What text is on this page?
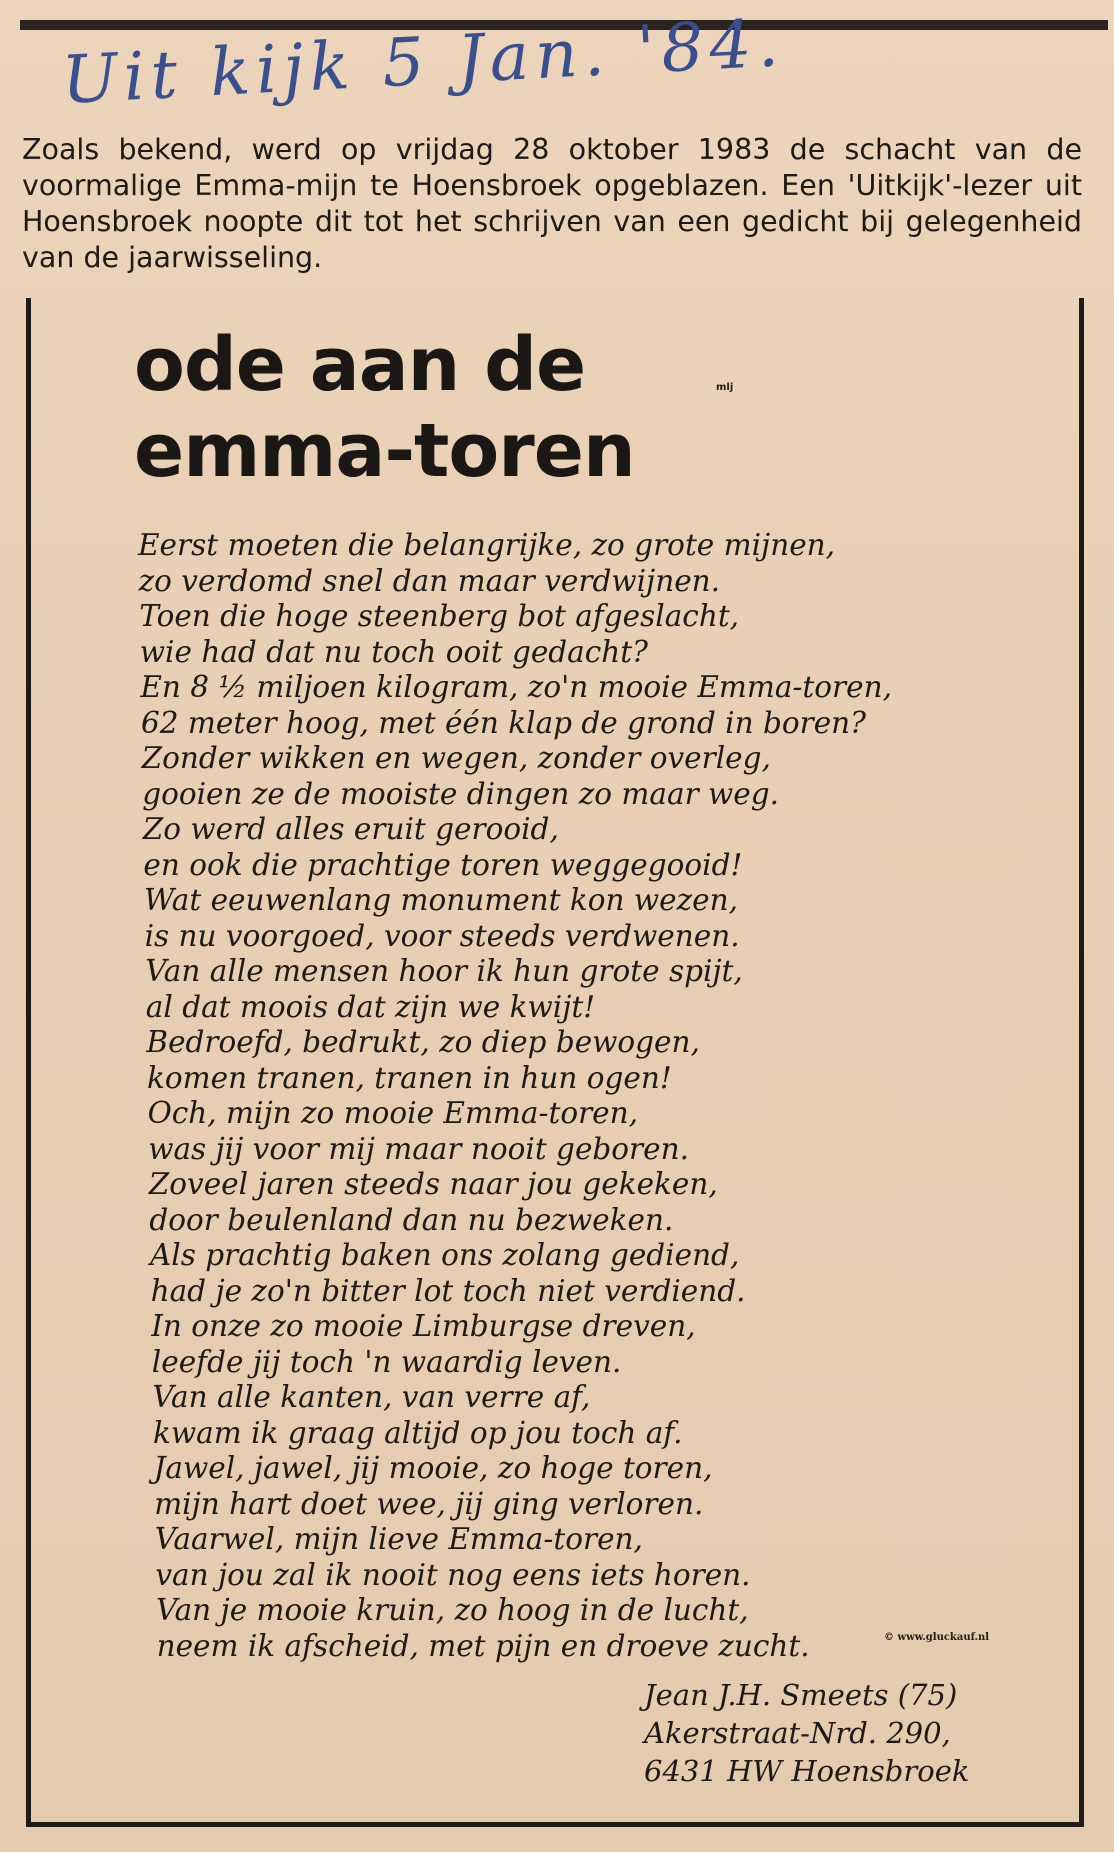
Uit kijk 5 Jan. '84.
Zoals bekend, werd op vrijdag 28 oktober 1983 de schacht van de voormalige Emma-mijn te Hoensbroek opgeblazen. Een 'Uitkijk'-lezer uit Hoensbroek noopte dit tot het schrijven van een gedicht bij gelegenheid van de jaarwisseling.
ode aan de
emma-toren
mlj
Eerst moeten die belangrijke, zo grote mijnen,
zo verdomd snel dan maar verdwijnen.
Toen die hoge steenberg bot afgeslacht,
wie had dat nu toch ooit gedacht?
En 8 ½ miljoen kilogram, zo'n mooie Emma-toren,
62 meter hoog, met één klap de grond in boren?
Zonder wikken en wegen, zonder overleg,
gooien ze de mooiste dingen zo maar weg.
Zo werd alles eruit gerooid,
en ook die prachtige toren weggegooid!
Wat eeuwenlang monument kon wezen,
is nu voorgoed, voor steeds verdwenen.
Van alle mensen hoor ik hun grote spijt,
al dat moois dat zijn we kwijt!
Bedroefd, bedrukt, zo diep bewogen,
komen tranen, tranen in hun ogen!
Och, mijn zo mooie Emma-toren,
was jij voor mij maar nooit geboren.
Zoveel jaren steeds naar jou gekeken,
door beulenland dan nu bezweken.
Als prachtig baken ons zolang gediend,
had je zo'n bitter lot toch niet verdiend.
In onze zo mooie Limburgse dreven,
leefde jij toch 'n waardig leven.
Van alle kanten, van verre af,
kwam ik graag altijd op jou toch af.
Jawel, jawel, jij mooie, zo hoge toren,
mijn hart doet wee, jij ging verloren.
Vaarwel, mijn lieve Emma-toren,
van jou zal ik nooit nog eens iets horen.
Van je mooie kruin, zo hoog in de lucht,
neem ik afscheid, met pijn en droeve zucht.	© www.gluckauf.nl
Jean J.H. Smeets (75)
Akerstraat-Nrd. 290,
6431 HW Hoensbroek
